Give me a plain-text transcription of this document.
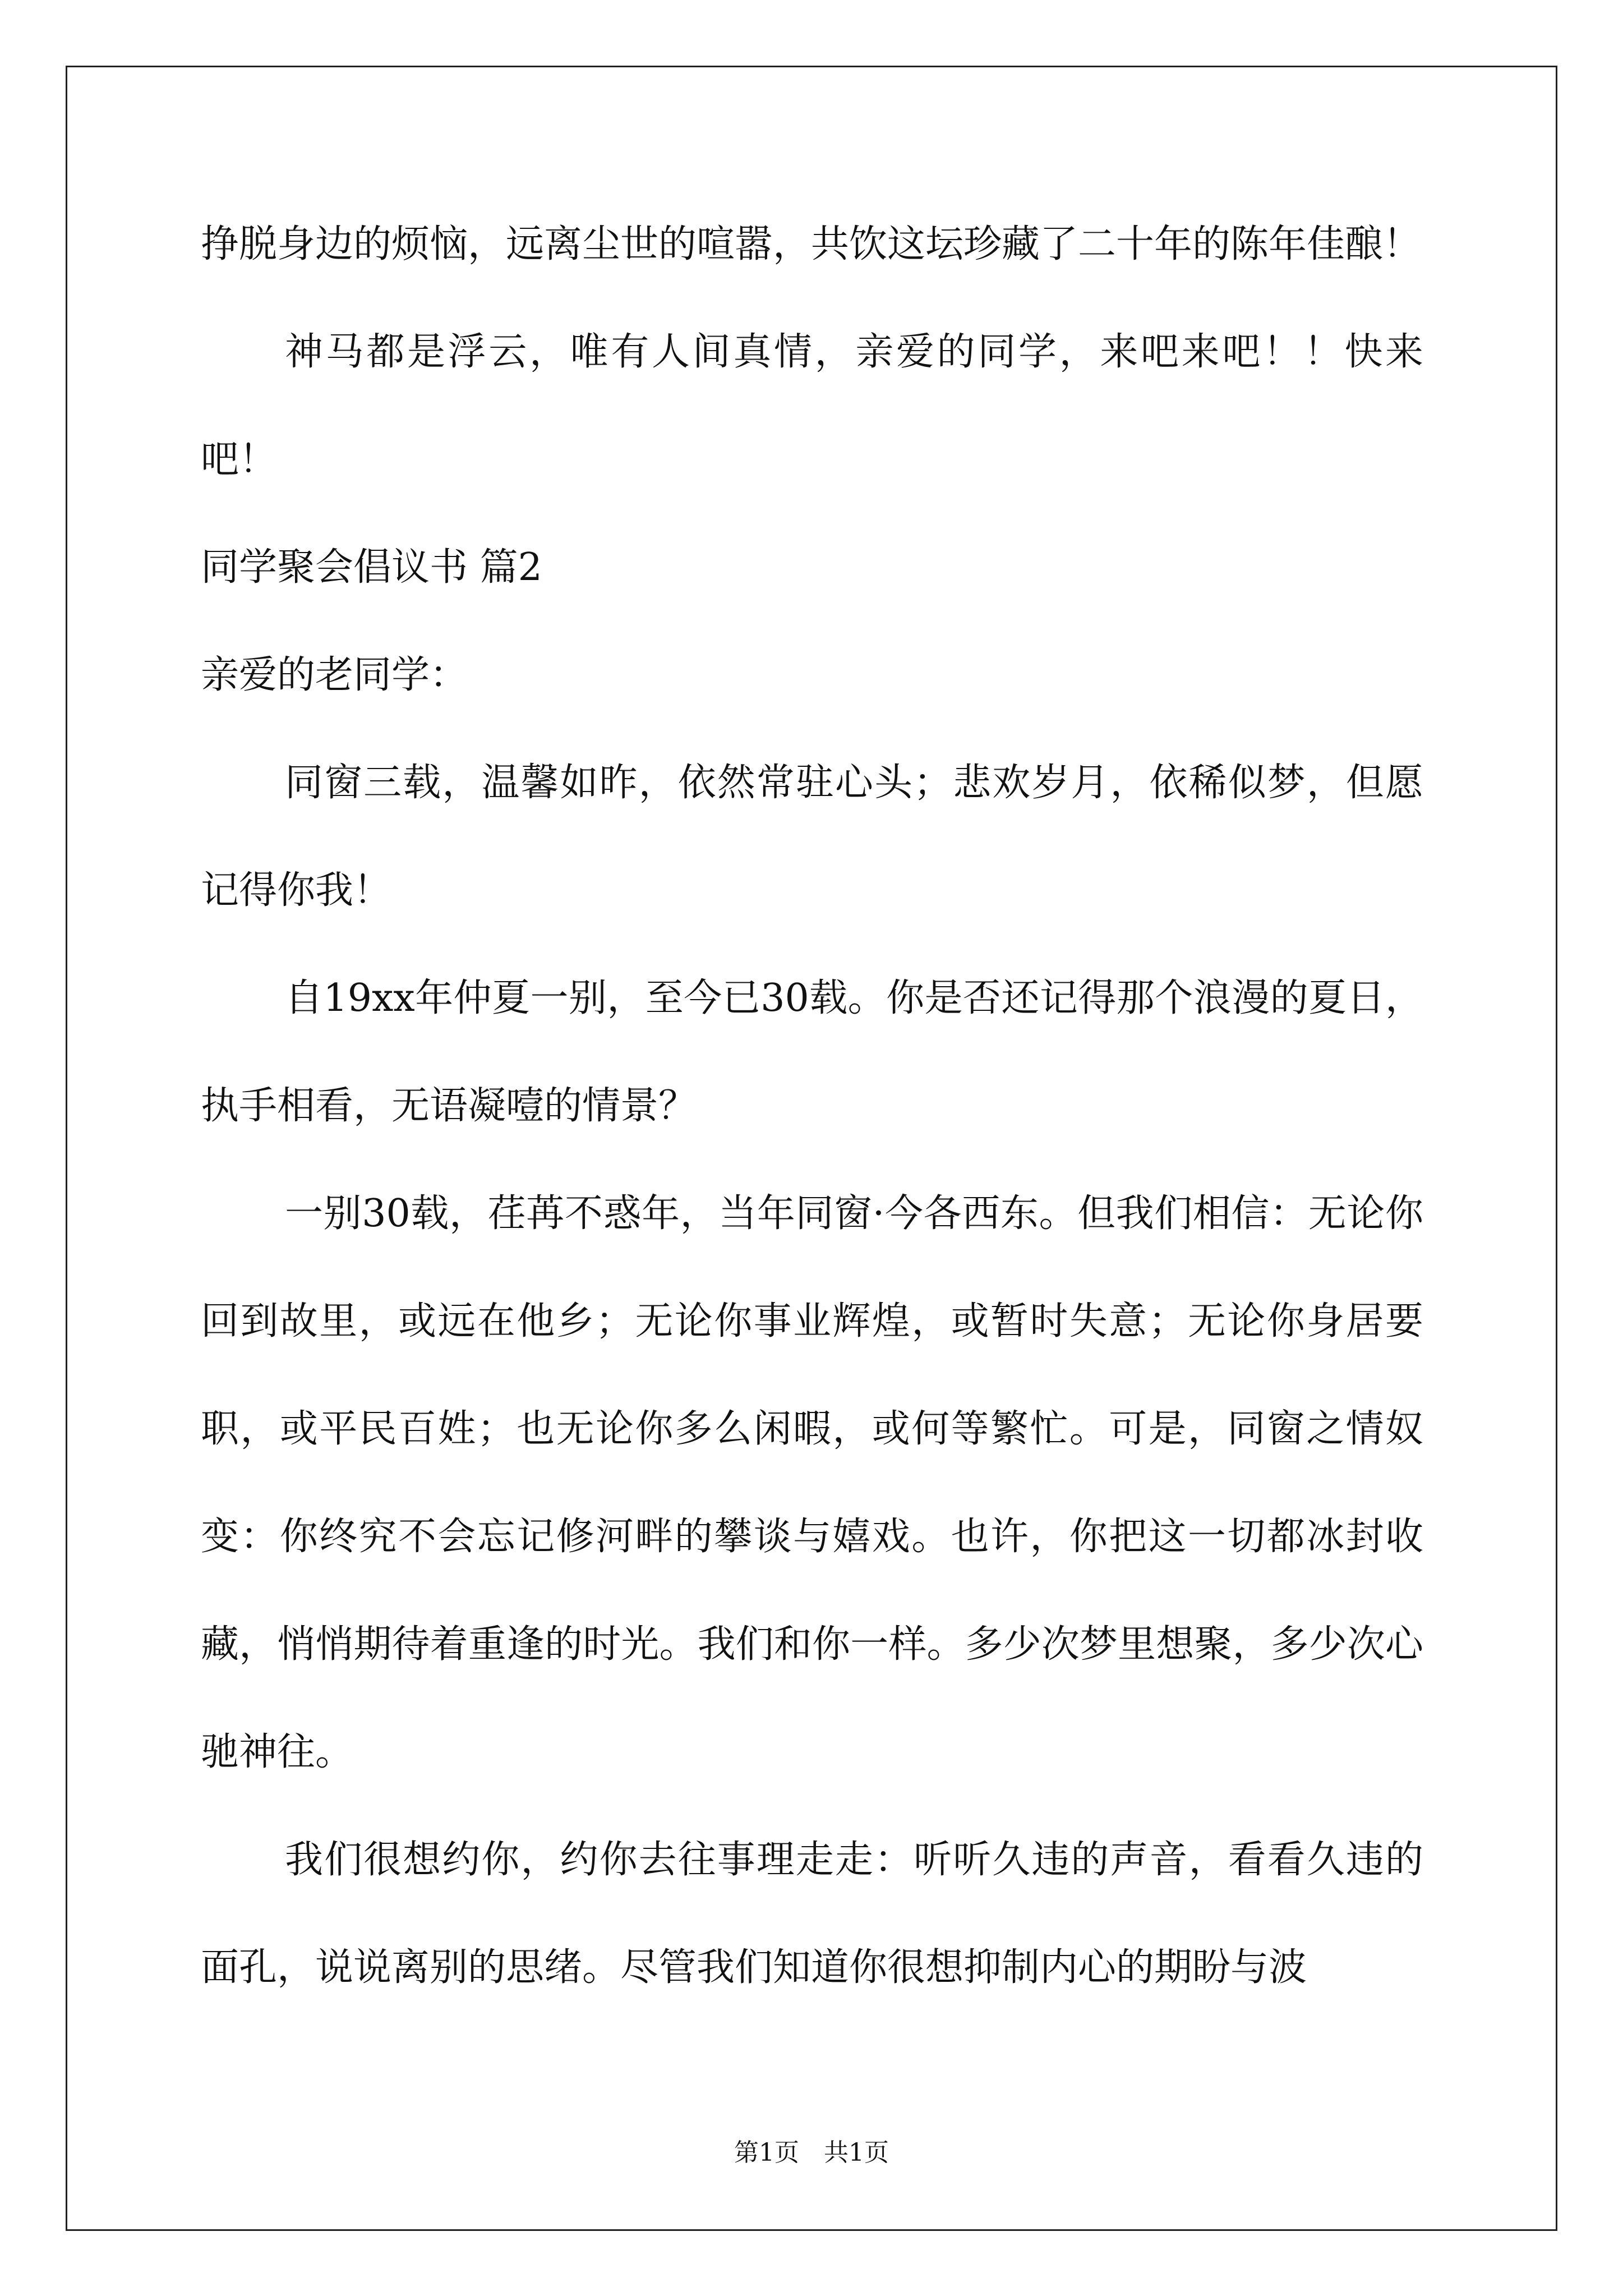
挣脱身边的烦恼，远离尘世的喧嚣，共饮这坛珍藏了二十年的陈年佳酿！

神马都是浮云，唯有人间真情，亲爱的同学，来吧来吧！！快来吧！

同学聚会倡议书 篇2

亲爱的老同学：

同窗三载，温馨如昨，依然常驻心头；悲欢岁月，依稀似梦，但愿记得你我！

自19xx年仲夏一别，至今已30载。你是否还记得那个浪漫的夏日，执手相看，无语凝噎的情景？

一别30载，荏苒不惑年，当年同窗·今各西东。但我们相信：无论你回到故里，或远在他乡；无论你事业辉煌，或暂时失意；无论你身居要职，或平民百姓；也无论你多么闲暇，或何等繁忙。可是，同窗之情奴变：你终究不会忘记修河畔的攀谈与嬉戏。也许，你把这一切都冰封收藏，悄悄期待着重逢的时光。我们和你一样。多少次梦里想聚，多少次心驰神往。

我们很想约你，约你去往事理走走：听听久违的声音，看看久违的面孔，说说离别的思绪。尽管我们知道你很想抑制内心的期盼与波

第1页　共1页
